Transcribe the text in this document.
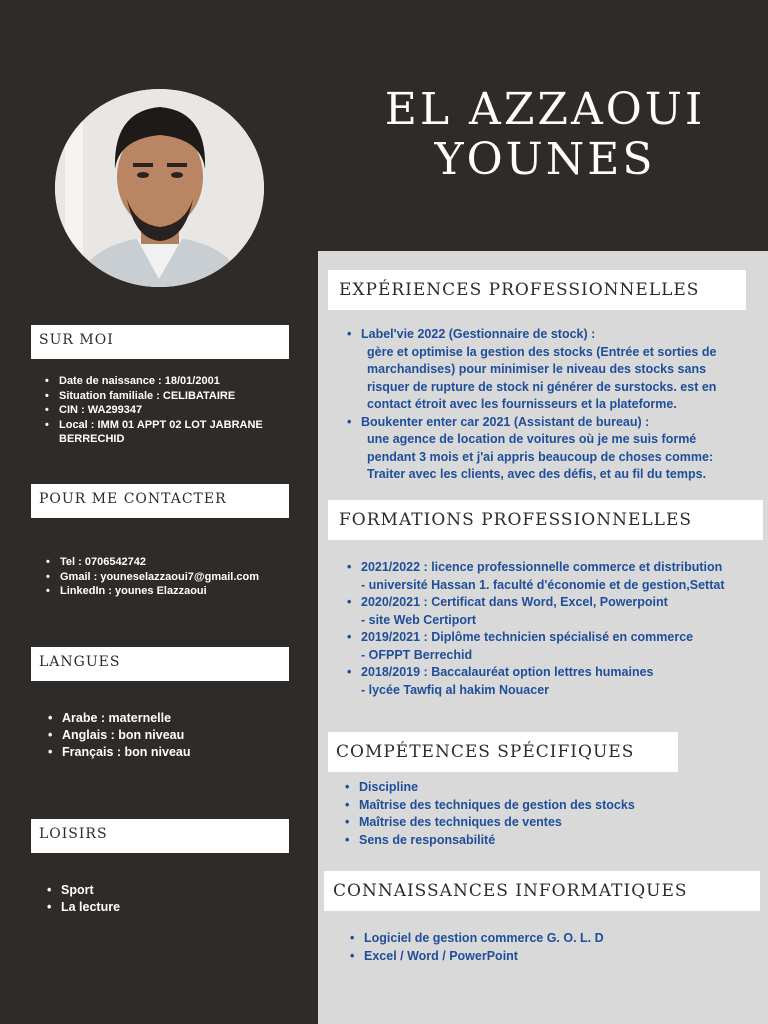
EL AZZAOUI
YOUNES
SUR MOI
• Date de naissance : 18/01/2001
• Situation familiale : CELIBATAIRE
• CIN : WA299347
• Local : IMM 01 APPT 02 LOT JABRANE BERRECHID
POUR ME CONTACTER
• Tel : 0706542742
• Gmail : youneselazzaoui7@gmail.com
• LinkedIn : younes Elazzaoui
LANGUES
• Arabe : maternelle
• Anglais : bon niveau
• Français : bon niveau
LOISIRS
• Sport
• La lecture
EXPÉRIENCES PROFESSIONNELLES
• Label'vie 2022 (Gestionnaire de stock) :
gère et optimise la gestion des stocks (Entrée et sorties de marchandises) pour minimiser le niveau des stocks sans risquer de rupture de stock ni générer de surstocks. est en contact étroit avec les fournisseurs et la plateforme.
• Boukenter enter car 2021 (Assistant de bureau) :
une agence de location de voitures où je me suis formé pendant 3 mois et j'ai appris beaucoup de choses comme: Traiter avec les clients, avec des défis, et au fil du temps.
FORMATIONS PROFESSIONNELLES
• 2021/2022 : licence professionnelle commerce et distribution
- université Hassan 1. faculté d'économie et de gestion,Settat
• 2020/2021 : Certificat dans Word, Excel, Powerpoint
- site Web Certiport
• 2019/2021 : Diplôme technicien spécialisé en commerce
- OFPPT Berrechid
• 2018/2019 : Baccalauréat option lettres humaines
- lycée Tawfiq al hakim Nouacer
COMPÉTENCES SPÉCIFIQUES
• Discipline
• Maîtrise des techniques de gestion des stocks
• Maîtrise des techniques de ventes
• Sens de responsabilité
CONNAISSANCES INFORMATIQUES
• Logiciel de gestion commerce G. O. L. D
• Excel / Word / PowerPoint
